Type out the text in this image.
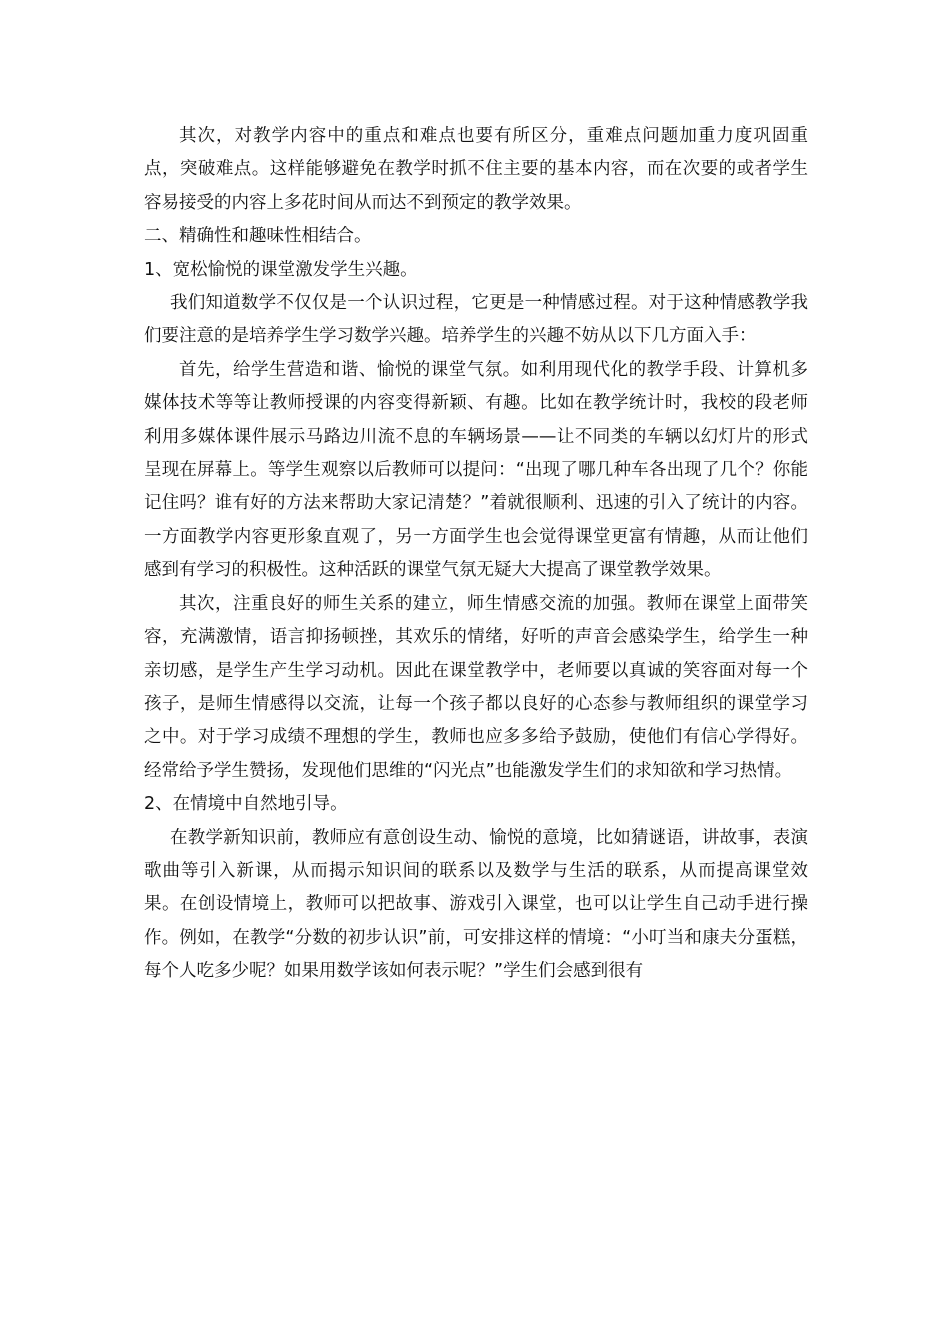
其次，对教学内容中的重点和难点也要有所区分，重难点问题加重力度巩固重点，突破难点。这样能够避免在教学时抓不住主要的基本内容，而在次要的或者学生容易接受的内容上多花时间从而达不到预定的教学效果。

二、精确性和趣味性相结合。

1、宽松愉悦的课堂激发学生兴趣。

我们知道数学不仅仅是一个认识过程，它更是一种情感过程。对于这种情感教学我们要注意的是培养学生学习数学兴趣。培养学生的兴趣不妨从以下几方面入手：

首先，给学生营造和谐、愉悦的课堂气氛。如利用现代化的教学手段、计算机多媒体技术等等让教师授课的内容变得新颖、有趣。比如在教学统计时，我校的段老师利用多媒体课件展示马路边川流不息的车辆场景——让不同类的车辆以幻灯片的形式呈现在屏幕上。等学生观察以后教师可以提问：“出现了哪几种车各出现了几个？你能记住吗？谁有好的方法来帮助大家记清楚？”着就很顺利、迅速的引入了统计的内容。一方面教学内容更形象直观了，另一方面学生也会觉得课堂更富有情趣，从而让他们感到有学习的积极性。这种活跃的课堂气氛无疑大大提高了课堂教学效果。

其次，注重良好的师生关系的建立，师生情感交流的加强。教师在课堂上面带笑容，充满激情，语言抑扬顿挫，其欢乐的情绪，好听的声音会感染学生，给学生一种亲切感，是学生产生学习动机。因此在课堂教学中，老师要以真诚的笑容面对每一个孩子，是师生情感得以交流，让每一个孩子都以良好的心态参与教师组织的课堂学习之中。对于学习成绩不理想的学生，教师也应多多给予鼓励，使他们有信心学得好。经常给予学生赞扬，发现他们思维的“闪光点”也能激发学生们的求知欲和学习热情。

2、在情境中自然地引导。

在教学新知识前，教师应有意创设生动、愉悦的意境，比如猜谜语，讲故事，表演歌曲等引入新课，从而揭示知识间的联系以及数学与生活的联系，从而提高课堂效果。在创设情境上，教师可以把故事、游戏引入课堂，也可以让学生自己动手进行操作。例如，在教学“分数的初步认识”前，可安排这样的情境：“小叮当和康夫分蛋糕，每个人吃多少呢？如果用数学该如何表示呢？”学生们会感到很有
